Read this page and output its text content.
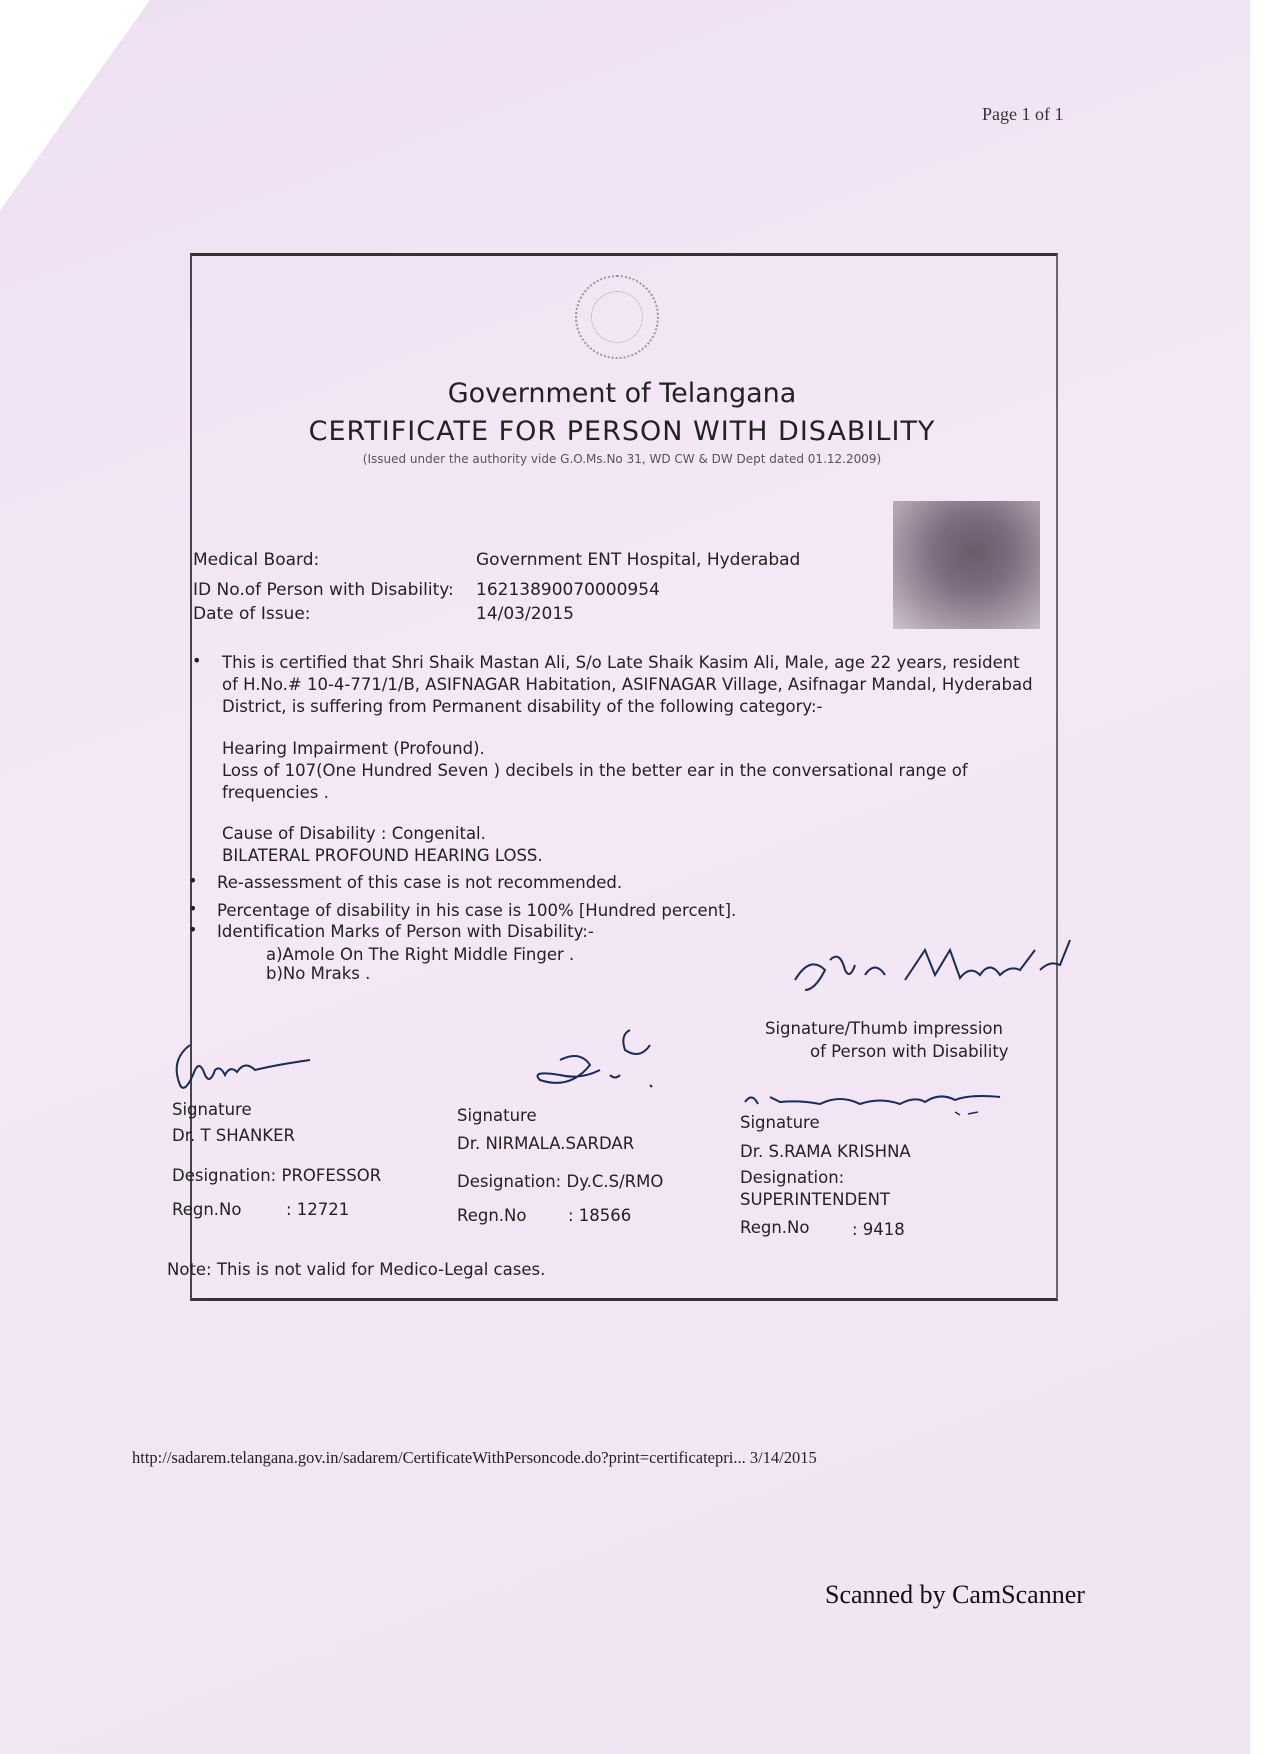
Page 1 of 1
Government of Telangana
CERTIFICATE FOR PERSON WITH DISABILITY
(Issued under the authority vide G.O.Ms.No 31, WD CW & DW Dept dated 01.12.2009)
Medical Board:	Government ENT Hospital, Hyderabad
ID No.of Person with Disability: 16213890070000954
Date of Issue:	14/03/2015
• This is certified that Shri Shaik Mastan Ali, S/o Late Shaik Kasim Ali, Male, age 22 years, resident of H.No.# 10-4-771/1/B, ASIFNAGAR Habitation, ASIFNAGAR Village, Asifnagar Mandal, Hyderabad District, is suffering from Permanent disability of the following category:-
Hearing Impairment (Profound).
Loss of 107(One Hundred Seven ) decibels in the better ear in the conversational range of frequencies .
Cause of Disability : Congenital.
BILATERAL PROFOUND HEARING LOSS.
• Re-assessment of this case is not recommended.
• Percentage of disability in his case is 100% [Hundred percent].
• Identification Marks of Person with Disability:-
a)Amole On The Right Middle Finger .
b)No Mraks .
Signature/Thumb impression
of Person with Disability
Signature
Dr. T SHANKER
Designation: PROFESSOR
Regn.No	: 12721
Signature
Dr. NIRMALA.SARDAR
Designation: Dy.C.S/RMO
Regn.No	: 18566
Signature
Dr. S.RAMA KRISHNA
Designation:
SUPERINTENDENT
Regn.No	: 9418
Note: This is not valid for Medico-Legal cases.
http://sadarem.telangana.gov.in/sadarem/CertificateWithPersoncode.do?print=certificatepri... 3/14/2015
Scanned by CamScanner
